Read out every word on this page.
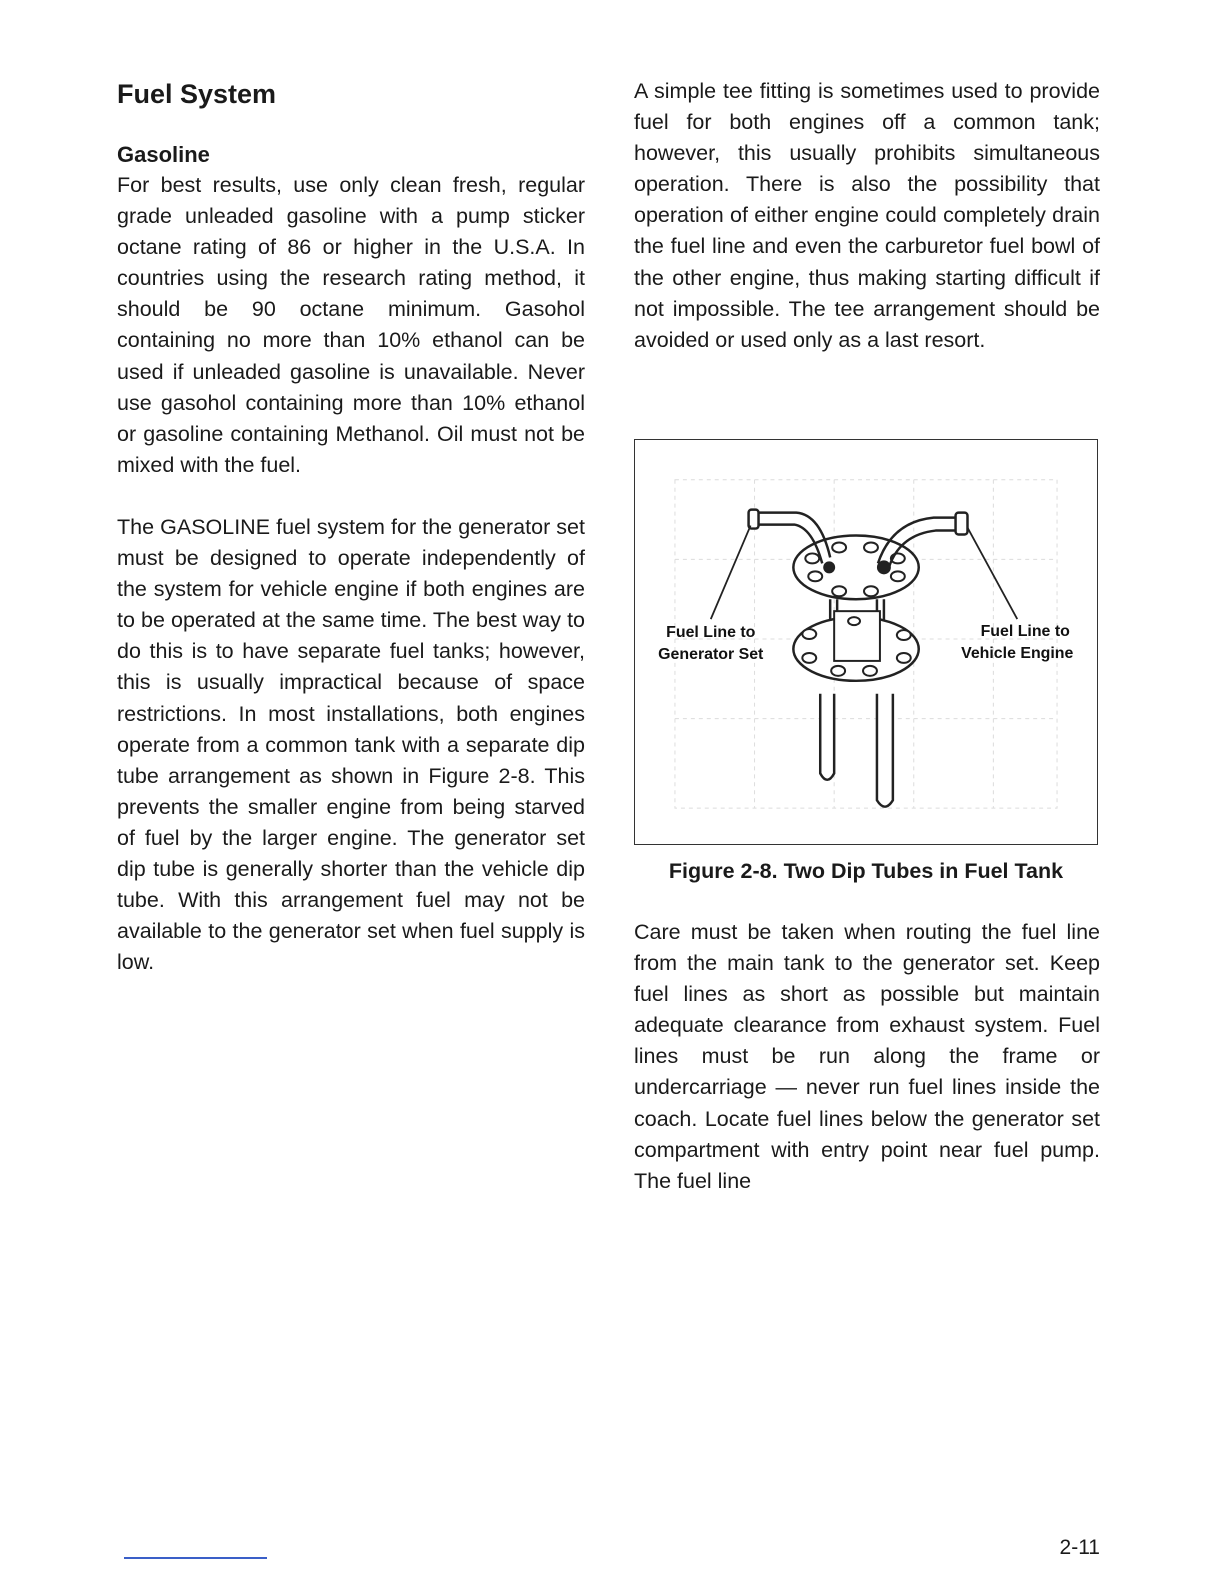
Fuel System
Gasoline

For best results, use only clean fresh, regular grade unleaded gasoline with a pump sticker octane rating of 86 or higher in the U.S.A. In countries using the research rating method, it should be 90 octane minimum. Gasohol containing no more than 10% ethanol can be used if unleaded gasoline is unavailable. Never use gasohol containing more than 10% ethanol or gasoline containing Methanol. Oil must not be mixed with the fuel.

The GASOLINE fuel system for the generator set must be designed to operate independently of the system for vehicle engine if both engines are to be operated at the same time. The best way to do this is to have separate fuel tanks; however, this is usually impractical because of space restrictions. In most installations, both engines operate from a common tank with a separate dip tube arrangement as shown in Figure 2-8. This prevents the smaller engine from being starved of fuel by the larger engine. The generator set dip tube is generally shorter than the vehicle dip tube. With this arrangement fuel may not be available to the generator set when fuel supply is low.

A simple tee fitting is sometimes used to provide fuel for both engines off a common tank; however, this usually prohibits simultaneous operation. There is also the possibility that operation of either engine could completely drain the fuel line and even the carburetor fuel bowl of the other engine, thus making starting difficult if not impossible. The tee arrangement should be avoided or used only as a last resort.

Fuel Line to
Generator Set
Fuel Line to
Vehicle Engine
Figure 2-8. Two Dip Tubes in Fuel Tank

Care must be taken when routing the fuel line from the main tank to the generator set. Keep fuel lines as short as possible but maintain adequate clearance from exhaust system. Fuel lines must be run along the frame or undercarriage — never run fuel lines inside the coach. Locate fuel lines below the generator set compartment with entry point near fuel pump. The fuel line

2-11
